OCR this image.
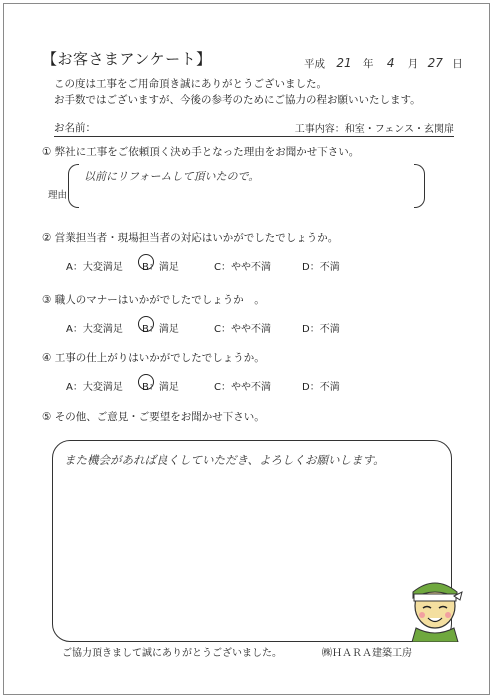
【お客さまアンケート】	平成 21 年 4 月 27 日
この度は工事をご用命頂き誠にありがとうございました。
お手数ではございますが、今後の参考のためにご協力の程お願いいたします。
お名前：	工事内容：和室・フェンス・玄関扉
① 弊社に工事をご依頼頂く決め手となった理由をお聞かせ下さい。
理由
以前にリフォームして頂いたので。
② 営業担当者・現場担当者の対応はいかがでしたでしょうか。
A：大変満足	B：満足	C：やや不満	D：不満
③ 職人のマナーはいかがでしたでしょうか　。
A：大変満足	B：満足	C：やや不満	D：不満
④ 工事の仕上がりはいかがでしたでしょうか。
A：大変満足	B：満足	C：やや不満	D：不満
⑤ その他、ご意見・ご要望をお聞かせ下さい。
また機会があれば良くしていただき、よろしくお願いします。
ご協力頂きまして誠にありがとうございました。	㈱ＨＡＲＡ建築工房
